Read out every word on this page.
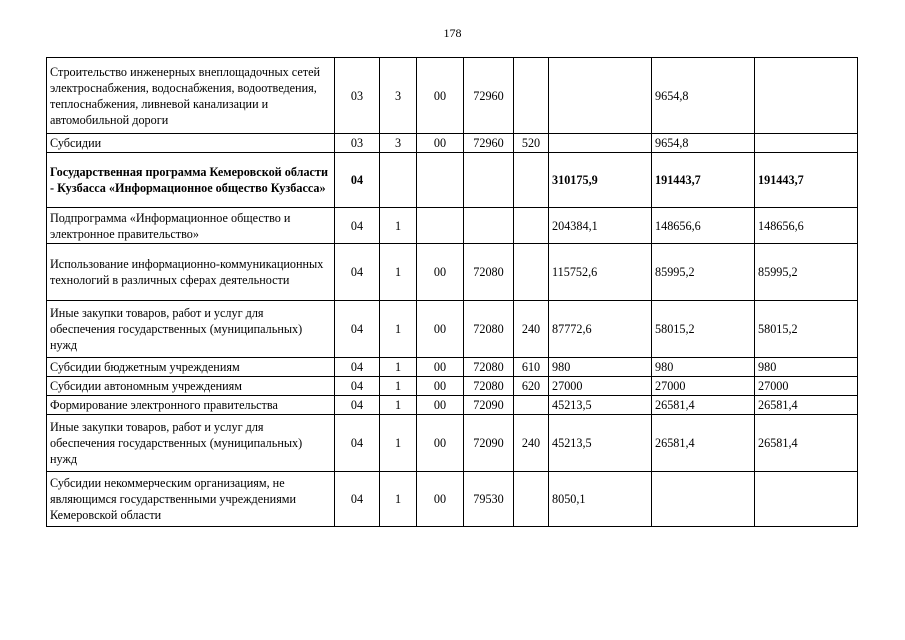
178
Строительство инженерных внеплощадочных сетей электроснабжения, водоснабжения, водоотведения, теплоснабжения, ливневой канализации и автомобильной дороги	03	3	00	72960			9654,8	
Субсидии	03	3	00	72960	520		9654,8	
Государственная программа Кемеровской области - Кузбасса «Информационное общество Кузбасса»	04					310175,9	191443,7	191443,7
Подпрограмма «Информационное общество и электронное правительство»	04	1				204384,1	148656,6	148656,6
Использование информационно-коммуникационных технологий в различных сферах деятельности	04	1	00	72080		115752,6	85995,2	85995,2
Иные закупки товаров, работ и услуг для обеспечения государственных (муниципальных) нужд	04	1	00	72080	240	87772,6	58015,2	58015,2
Субсидии бюджетным учреждениям	04	1	00	72080	610	980	980	980
Субсидии автономным учреждениям	04	1	00	72080	620	27000	27000	27000
Формирование электронного правительства	04	1	00	72090		45213,5	26581,4	26581,4
Иные закупки товаров, работ и услуг для обеспечения государственных (муниципальных) нужд	04	1	00	72090	240	45213,5	26581,4	26581,4
Субсидии некоммерческим организациям, не являющимся государственными учреждениями Кемеровской области	04	1	00	79530		8050,1		
